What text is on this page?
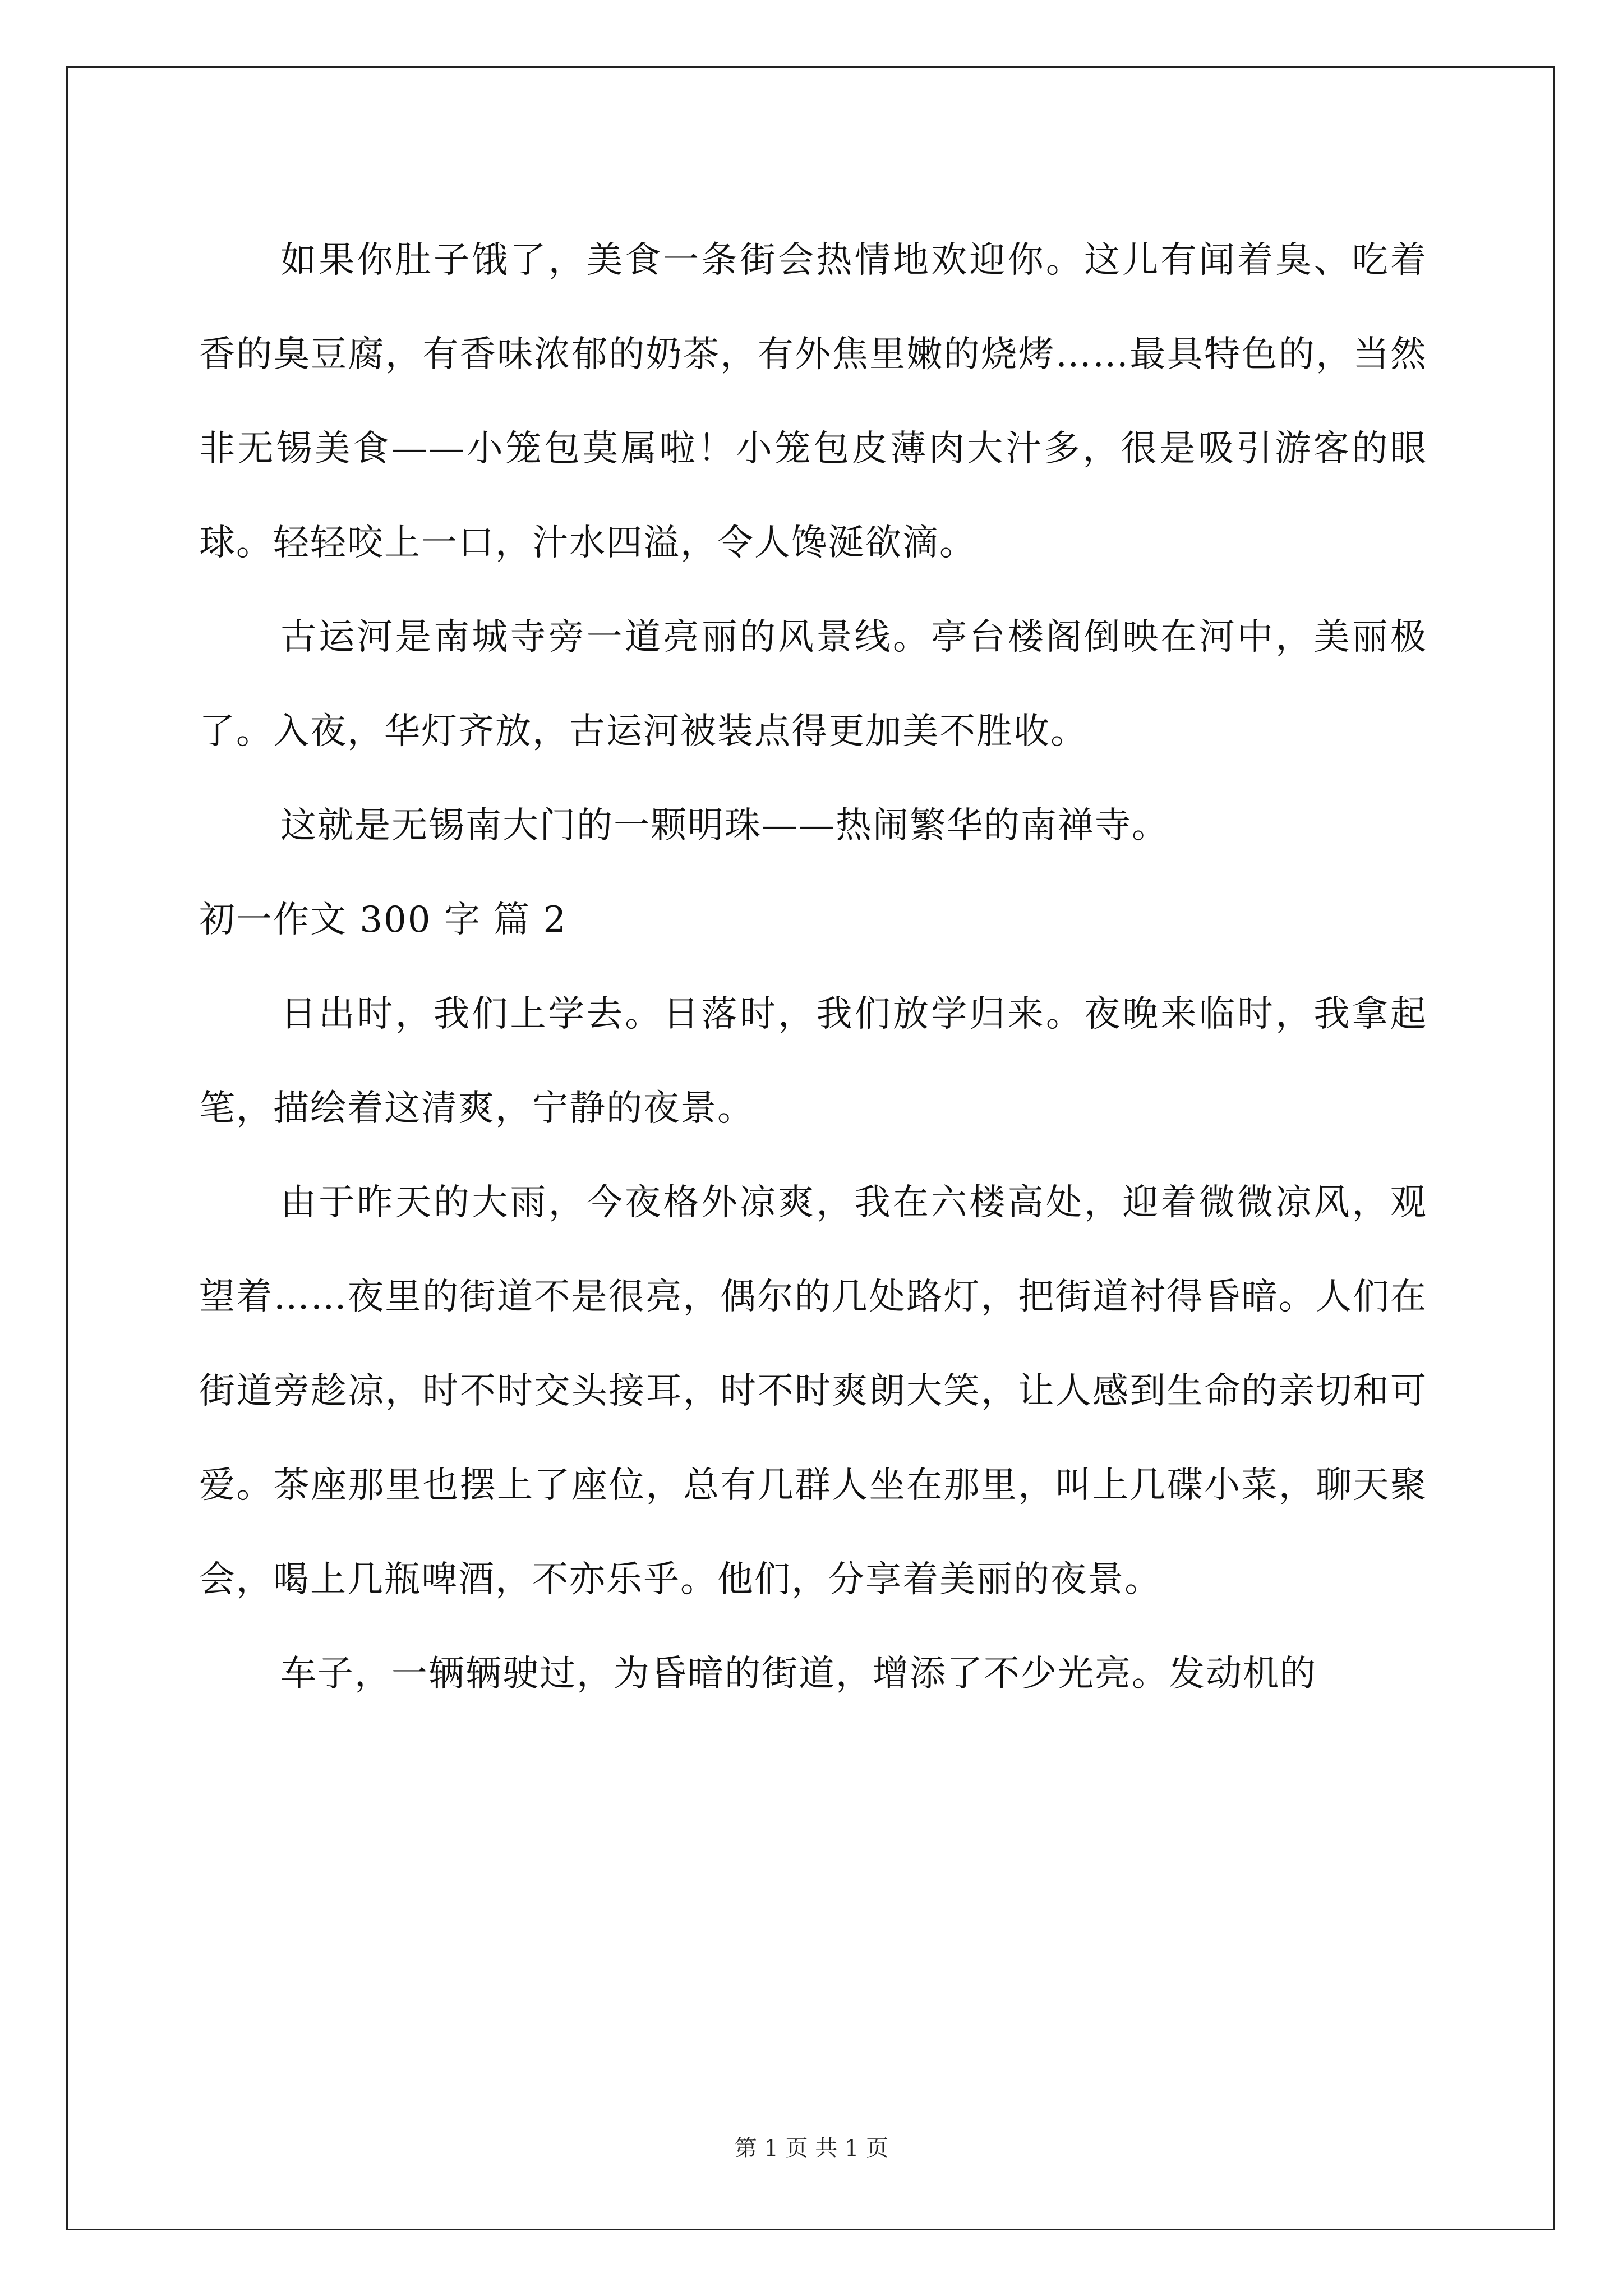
如果你肚子饿了，美食一条街会热情地欢迎你。这儿有闻着臭、吃着香的臭豆腐，有香味浓郁的奶茶，有外焦里嫩的烧烤……最具特色的，当然非无锡美食——小笼包莫属啦！小笼包皮薄肉大汁多，很是吸引游客的眼球。轻轻咬上一口，汁水四溢，令人馋涎欲滴。

古运河是南城寺旁一道亮丽的风景线。亭台楼阁倒映在河中，美丽极了。入夜，华灯齐放，古运河被装点得更加美不胜收。

这就是无锡南大门的一颗明珠——热闹繁华的南禅寺。

初一作文 300 字 篇 2

日出时，我们上学去。日落时，我们放学归来。夜晚来临时，我拿起笔，描绘着这清爽，宁静的夜景。

由于昨天的大雨，今夜格外凉爽，我在六楼高处，迎着微微凉风，观望着……夜里的街道不是很亮，偶尔的几处路灯，把街道衬得昏暗。人们在街道旁趁凉，时不时交头接耳，时不时爽朗大笑，让人感到生命的亲切和可爱。茶座那里也摆上了座位，总有几群人坐在那里，叫上几碟小菜，聊天聚会，喝上几瓶啤酒，不亦乐乎。他们，分享着美丽的夜景。

车子，一辆辆驶过，为昏暗的街道，增添了不少光亮。发动机的

第 1 页 共 1 页
